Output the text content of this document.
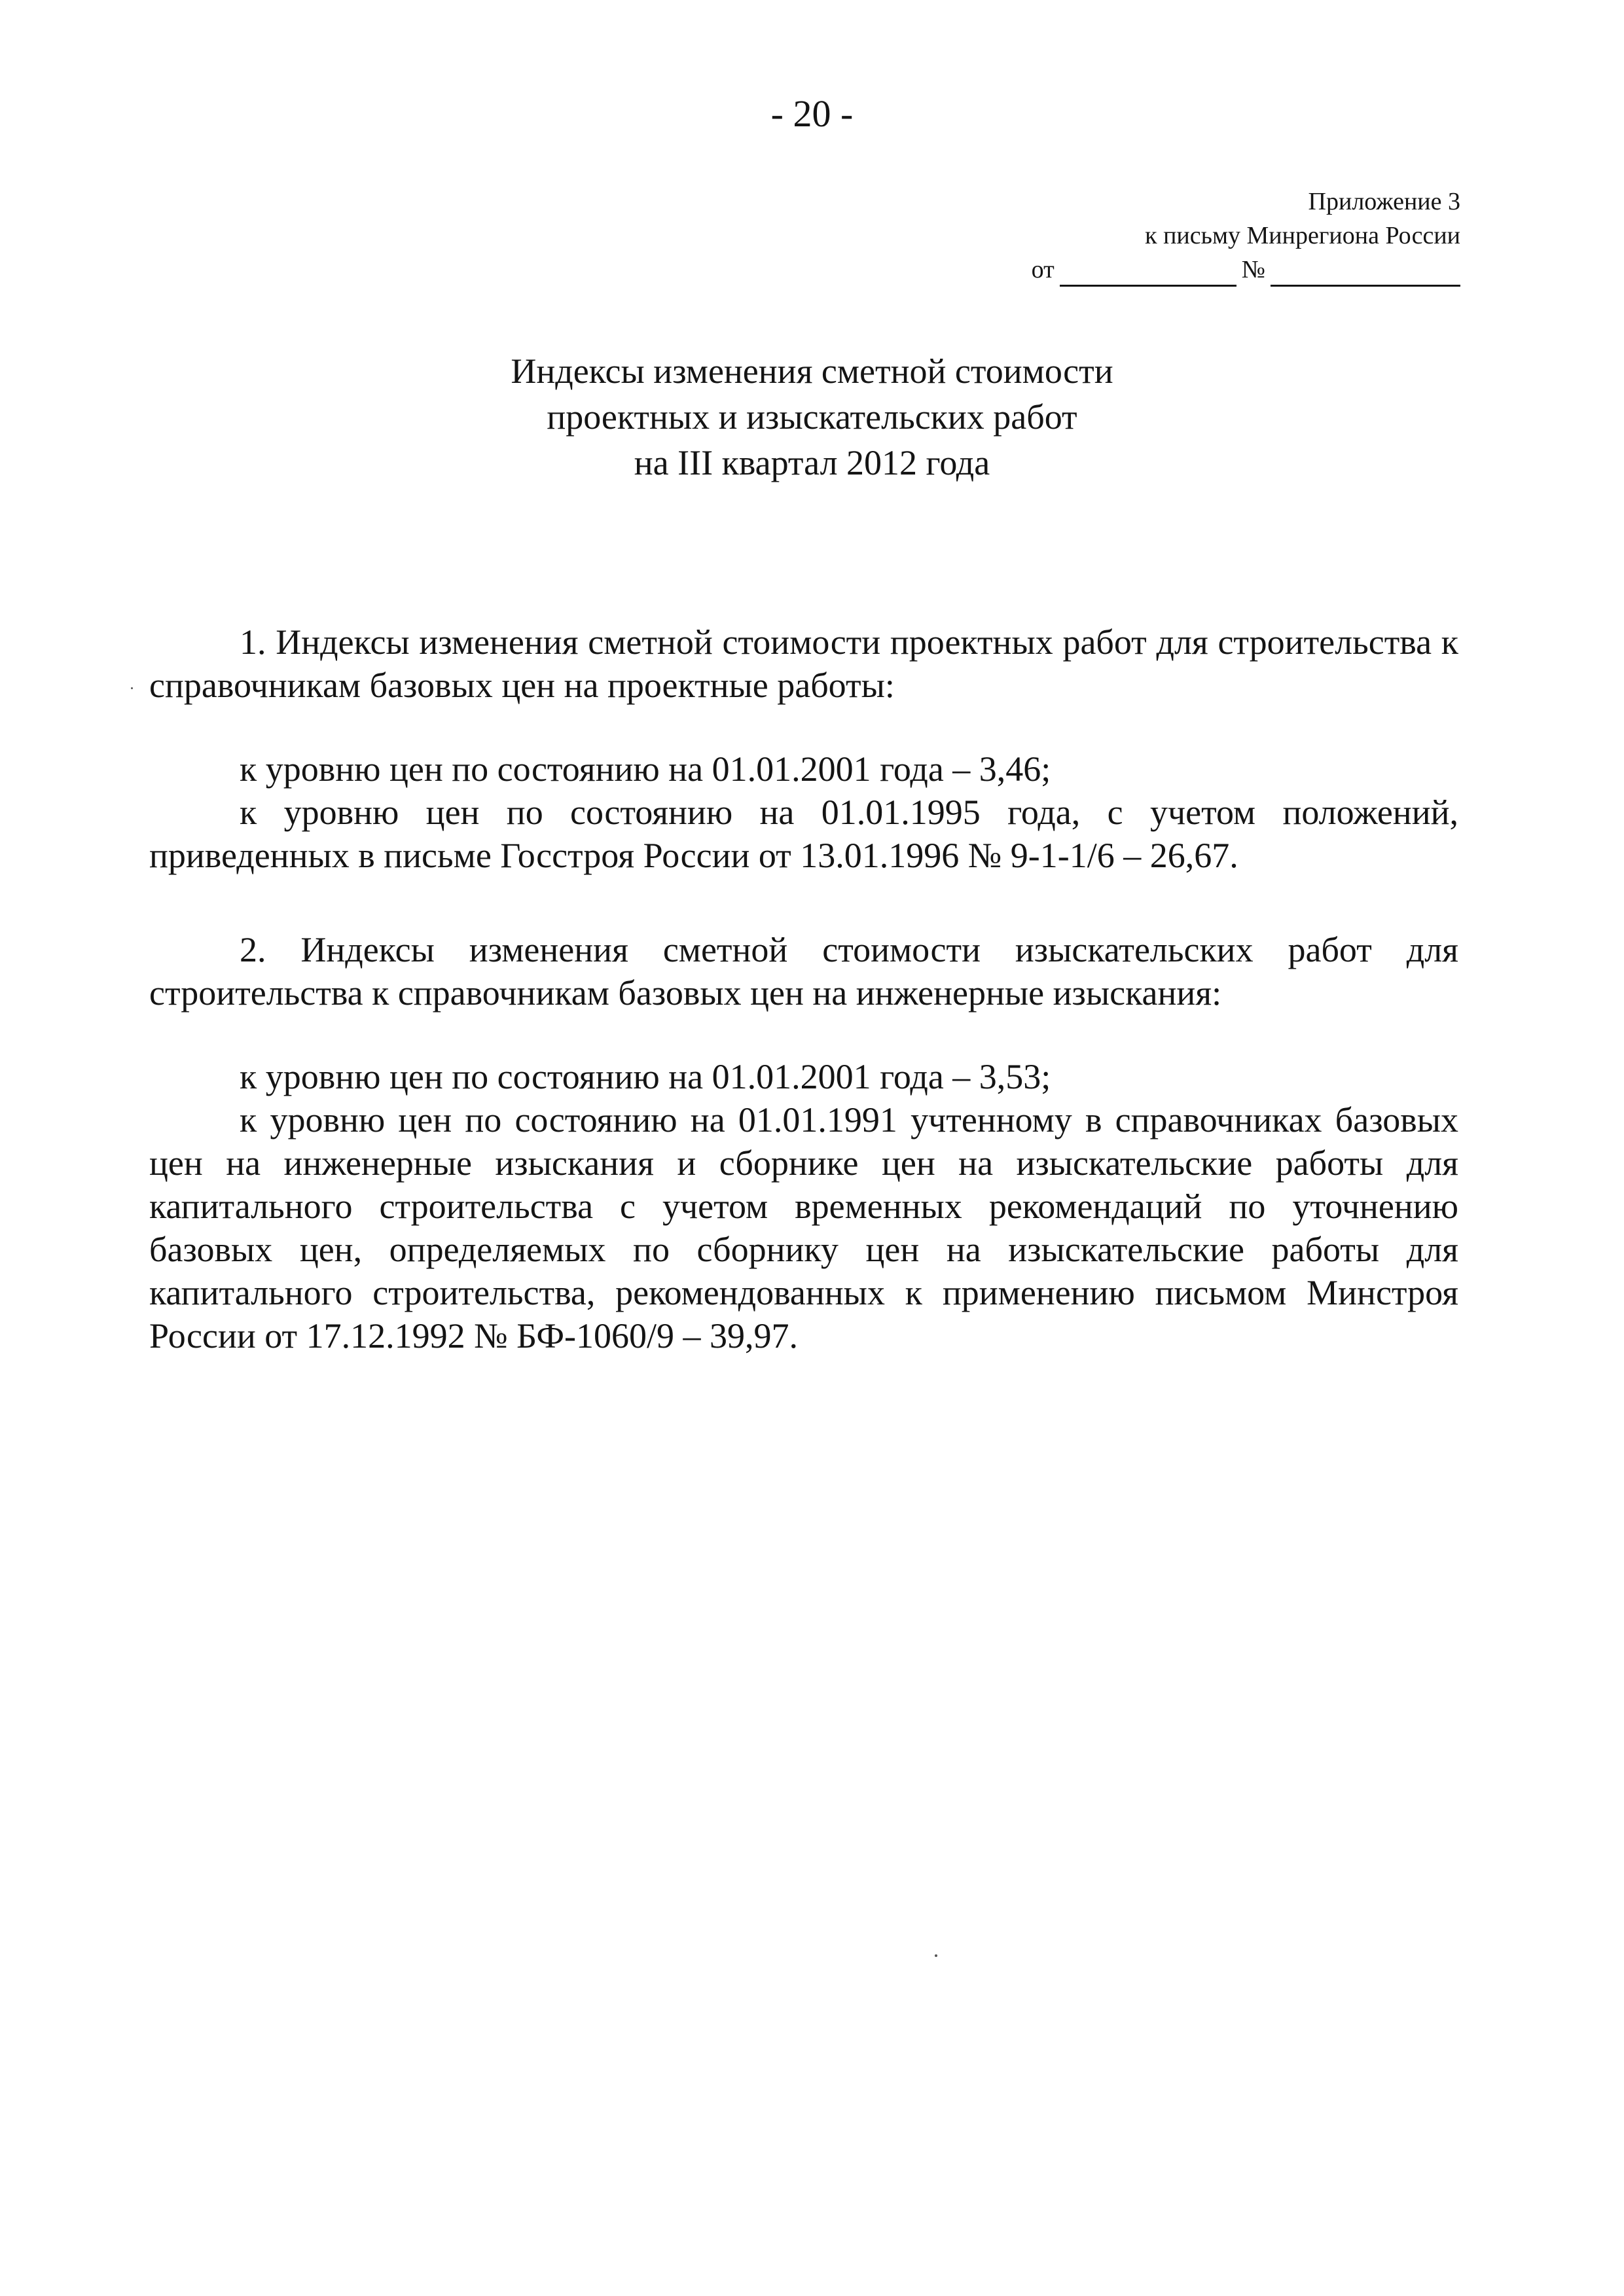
- 20 -
Приложение 3
к письму Минрегиона России
от	№
Индексы изменения сметной стоимости
проектных и изыскательских работ
на III квартал 2012 года

1. Индексы изменения сметной стоимости проектных работ для строительства к справочникам базовых цен на проектные работы:

к уровню цен по состоянию на 01.01.2001 года – 3,46;

к уровню цен по состоянию на 01.01.1995 года, с учетом положений, приведенных в письме Госстроя России от 13.01.1996 № 9-1-1/6 – 26,67.

2. Индексы изменения сметной стоимости изыскательских работ для строительства к справочникам базовых цен на инженерные изыскания:

к уровню цен по состоянию на 01.01.2001 года – 3,53;

к уровню цен по состоянию на 01.01.1991 учтенному в справочниках базовых цен на инженерные изыскания и сборнике цен на изыскательские работы для капитального строительства с учетом временных рекомендаций по уточнению базовых цен, определяемых по сборнику цен на изыскательские работы для капитального строительства, рекомендованных к применению письмом Минстроя России от 17.12.1992 № БФ-1060/9 – 39,97.
